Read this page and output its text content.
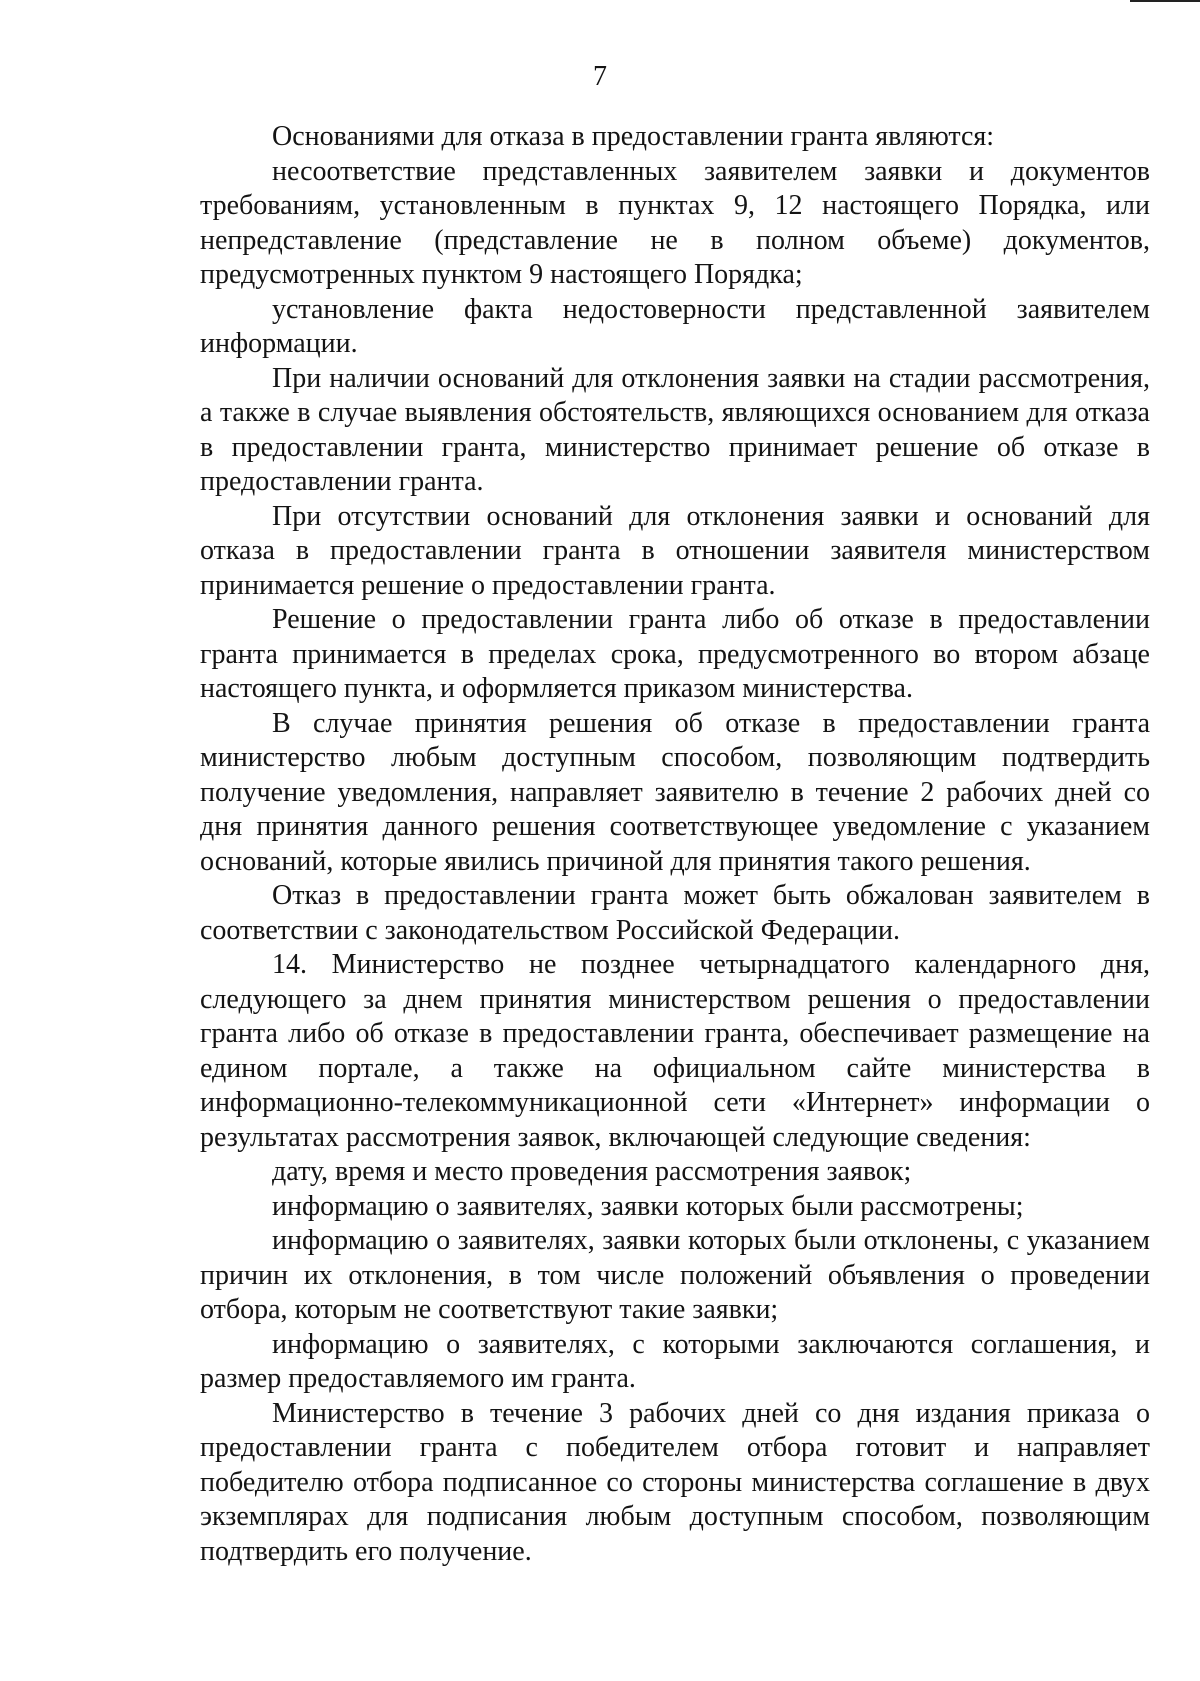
7

Основаниями для отказа в предоставлении гранта являются:

несоответствие представленных заявителем заявки и документов требованиям, установленным в пунктах 9, 12 настоящего Порядка, или непредставление (представление не в полном объеме) документов, предусмотренных пунктом 9 настоящего Порядка;

установление факта недостоверности представленной заявителем информации.

При наличии оснований для отклонения заявки на стадии рассмотрения, а также в случае выявления обстоятельств, являющихся основанием для отказа в предоставлении гранта, министерство принимает решение об отказе в предоставлении гранта.

При отсутствии оснований для отклонения заявки и оснований для отказа в предоставлении гранта в отношении заявителя министерством принимается решение о предоставлении гранта.

Решение о предоставлении гранта либо об отказе в предоставлении гранта принимается в пределах срока, предусмотренного во втором абзаце настоящего пункта, и оформляется приказом министерства.

В случае принятия решения об отказе в предоставлении гранта министерство любым доступным способом, позволяющим подтвердить получение уведомления, направляет заявителю в течение 2 рабочих дней со дня принятия данного решения соответствующее уведомление с указанием оснований, которые явились причиной для принятия такого решения.

Отказ в предоставлении гранта может быть обжалован заявителем в соответствии с законодательством Российской Федерации.

14. Министерство не позднее четырнадцатого календарного дня, следующего за днем принятия министерством решения о предоставлении гранта либо об отказе в предоставлении гранта, обеспечивает размещение на едином портале, а также на официальном сайте министерства в информационно-телекоммуникационной сети «Интернет» информации о результатах рассмотрения заявок, включающей следующие сведения:

дату, время и место проведения рассмотрения заявок;

информацию о заявителях, заявки которых были рассмотрены;

информацию о заявителях, заявки которых были отклонены, с указанием причин их отклонения, в том числе положений объявления о проведении отбора, которым не соответствуют такие заявки;

информацию о заявителях, с которыми заключаются соглашения, и размер предоставляемого им гранта.

Министерство в течение 3 рабочих дней со дня издания приказа о предоставлении гранта с победителем отбора готовит и направляет победителю отбора подписанное со стороны министерства соглашение в двух экземплярах для подписания любым доступным способом, позволяющим подтвердить его получение.
